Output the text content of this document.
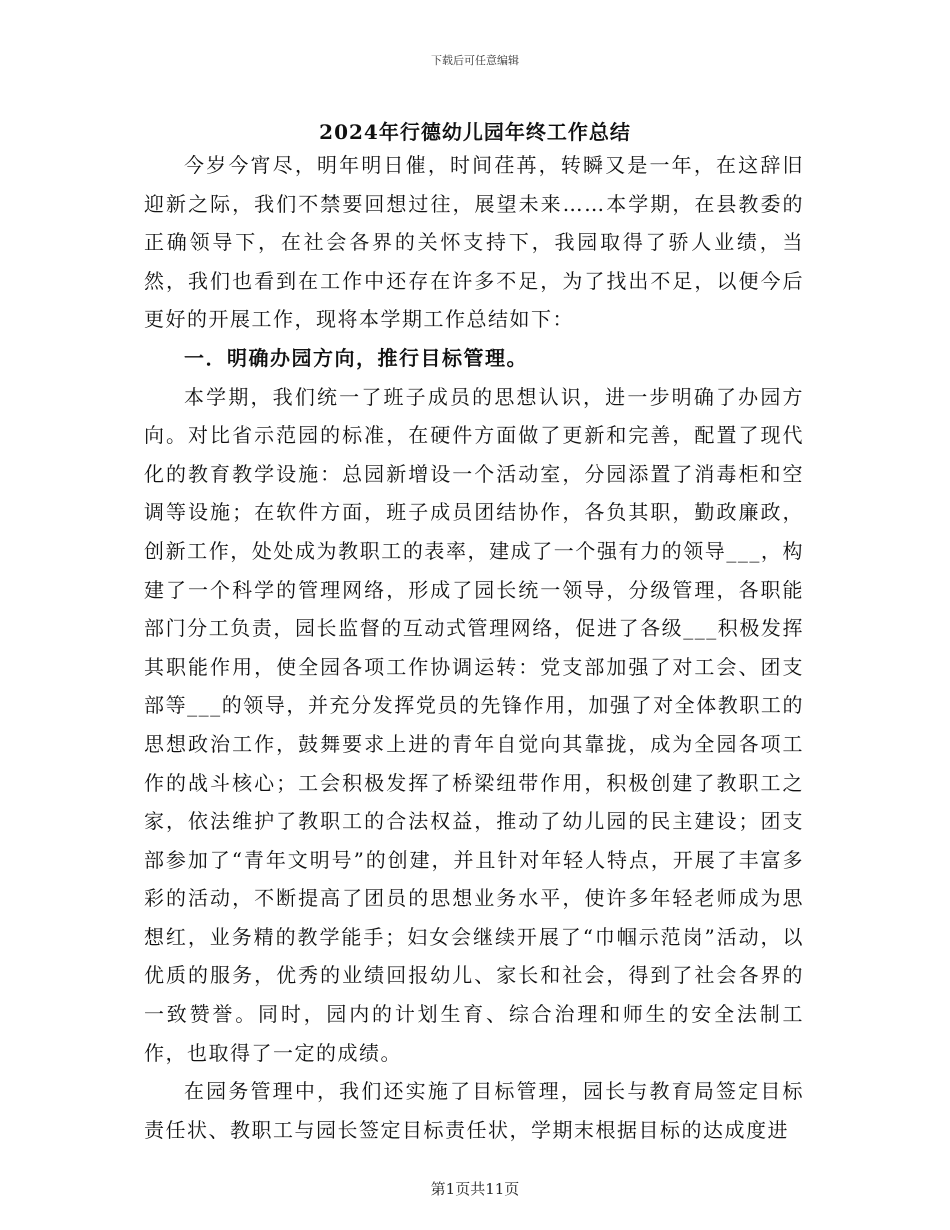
下载后可任意编辑
2024年行德幼儿园年终工作总结

今岁今宵尽，明年明日催，时间荏苒，转瞬又是一年，在这辞旧迎新之际，我们不禁要回想过往，展望未来……本学期，在县教委的正确领导下，在社会各界的关怀支持下，我园取得了骄人业绩，当然，我们也看到在工作中还存在许多不足，为了找出不足，以便今后更好的开展工作，现将本学期工作总结如下：

一．明确办园方向，推行目标管理。

本学期，我们统一了班子成员的思想认识，进一步明确了办园方向。对比省示范园的标准，在硬件方面做了更新和完善，配置了现代化的教育教学设施：总园新增设一个活动室，分园添置了消毒柜和空调等设施；在软件方面，班子成员团结协作，各负其职，勤政廉政，创新工作，处处成为教职工的表率，建成了一个强有力的领导___，构建了一个科学的管理网络，形成了园长统一领导，分级管理，各职能部门分工负责，园长监督的互动式管理网络，促进了各级___积极发挥其职能作用，使全园各项工作协调运转：党支部加强了对工会、团支部等___的领导，并充分发挥党员的先锋作用，加强了对全体教职工的思想政治工作，鼓舞要求上进的青年自觉向其靠拢，成为全园各项工作的战斗核心；工会积极发挥了桥梁纽带作用，积极创建了教职工之家，依法维护了教职工的合法权益，推动了幼儿园的民主建设；团支部参加了“青年文明号”的创建，并且针对年轻人特点，开展了丰富多彩的活动，不断提高了团员的思想业务水平，使许多年轻老师成为思想红，业务精的教学能手；妇女会继续开展了“巾帼示范岗”活动，以优质的服务，优秀的业绩回报幼儿、家长和社会，得到了社会各界的一致赞誉。同时，园内的计划生育、综合治理和师生的安全法制工作，也取得了一定的成绩。

在园务管理中，我们还实施了目标管理，园长与教育局签定目标责任状、教职工与园长签定目标责任状，学期末根据目标的达成度进

第1页共11页
